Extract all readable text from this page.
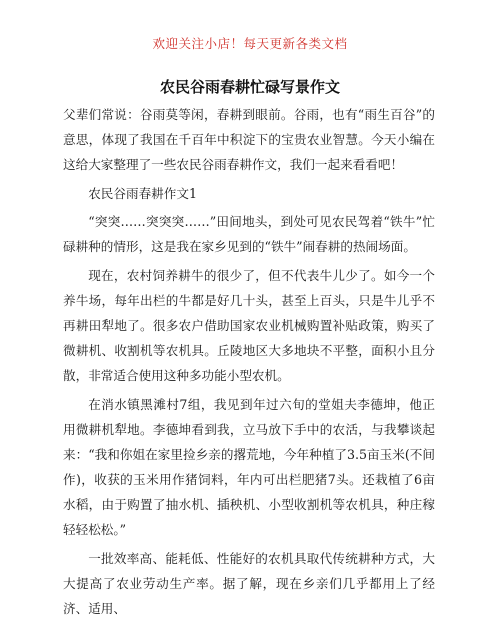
欢迎关注小店！每天更新各类文档
农民谷雨春耕忙碌写景作文

父辈们常说：谷雨莫等闲，春耕到眼前。谷雨，也有“雨生百谷”的意思，体现了我国在千百年中积淀下的宝贵农业智慧。今天小编在这给大家整理了一些农民谷雨春耕作文，我们一起来看看吧！

农民谷雨春耕作文1

“突突……突突突……”田间地头，到处可见农民驾着“铁牛”忙碌耕种的情形，这是我在家乡见到的“铁牛”闹春耕的热闹场面。

现在，农村饲养耕牛的很少了，但不代表牛儿少了。如今一个养牛场，每年出栏的牛都是好几十头，甚至上百头，只是牛儿乎不再耕田犁地了。很多农户借助国家农业机械购置补贴政策，购买了微耕机、收割机等农机具。丘陵地区大多地块不平整，面积小且分散，非常适合使用这种多功能小型农机。

在消水镇黑滩村7组，我见到年过六旬的堂姐夫李德坤，他正用微耕机犁地。李德坤看到我，立马放下手中的农活，与我攀谈起来：“我和你姐在家里捡乡亲的撂荒地，今年种植了3.5亩玉米(不间作)，收获的玉米用作猪饲料，年内可出栏肥猪7头。还栽植了6亩水稻，由于购置了抽水机、插秧机、小型收割机等农机具，种庄稼轻轻松松。”

一批效率高、能耗低、性能好的农机具取代传统耕种方式，大大提高了农业劳动生产率。据了解，现在乡亲们几乎都用上了经济、适用、
